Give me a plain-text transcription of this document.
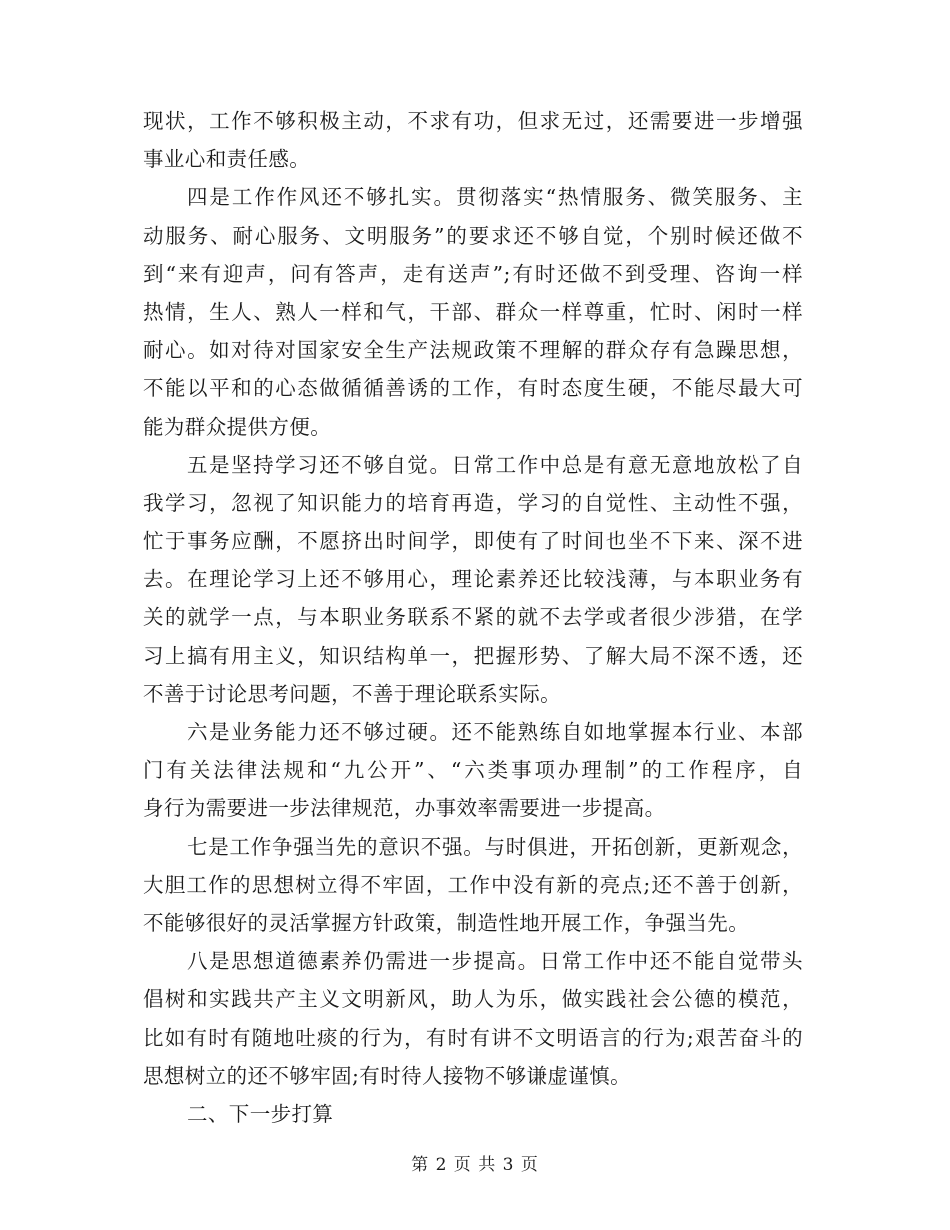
现状，工作不够积极主动，不求有功，但求无过，还需要进一步增强
事业心和责任感。
四是工作作风还不够扎实。贯彻落实“热情服务、微笑服务、主
动服务、耐心服务、文明服务”的要求还不够自觉，个别时候还做不
到“来有迎声，问有答声，走有送声”;有时还做不到受理、咨询一样
热情，生人、熟人一样和气，干部、群众一样尊重，忙时、闲时一样
耐心。如对待对国家安全生产法规政策不理解的群众存有急躁思想，
不能以平和的心态做循循善诱的工作，有时态度生硬，不能尽最大可
能为群众提供方便。
五是坚持学习还不够自觉。日常工作中总是有意无意地放松了自
我学习，忽视了知识能力的培育再造，学习的自觉性、主动性不强，
忙于事务应酬，不愿挤出时间学，即使有了时间也坐不下来、深不进
去。在理论学习上还不够用心，理论素养还比较浅薄，与本职业务有
关的就学一点，与本职业务联系不紧的就不去学或者很少涉猎，在学
习上搞有用主义，知识结构单一，把握形势、了解大局不深不透，还
不善于讨论思考问题，不善于理论联系实际。
六是业务能力还不够过硬。还不能熟练自如地掌握本行业、本部
门有关法律法规和“九公开”、“六类事项办理制”的工作程序，自
身行为需要进一步法律规范，办事效率需要进一步提高。
七是工作争强当先的意识不强。与时俱进，开拓创新，更新观念，
大胆工作的思想树立得不牢固，工作中没有新的亮点;还不善于创新，
不能够很好的灵活掌握方针政策，制造性地开展工作，争强当先。
八是思想道德素养仍需进一步提高。日常工作中还不能自觉带头
倡树和实践共产主义文明新风，助人为乐，做实践社会公德的模范，
比如有时有随地吐痰的行为，有时有讲不文明语言的行为;艰苦奋斗的
思想树立的还不够牢固;有时待人接物不够谦虚谨慎。
二、下一步打算
第 2 页 共 3 页
